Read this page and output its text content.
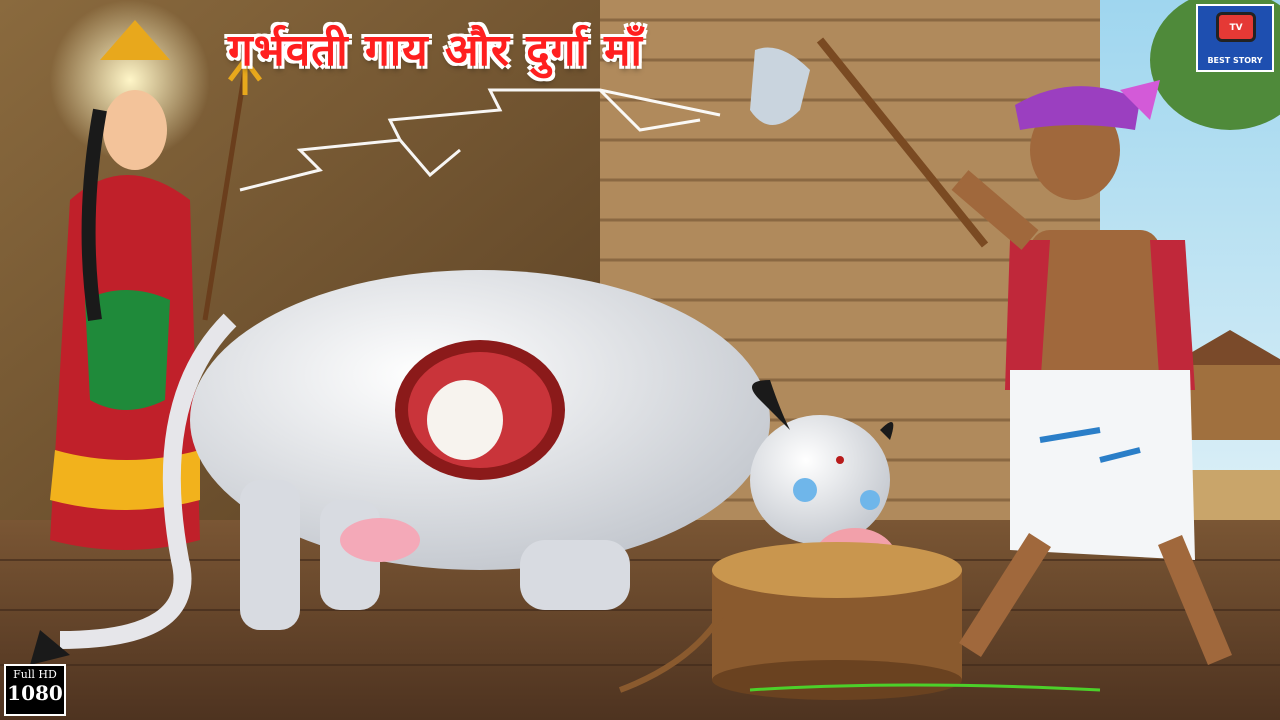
गर्भवती गाय और दुर्गा माँ	TV
BEST STORY
Full HD
1080
